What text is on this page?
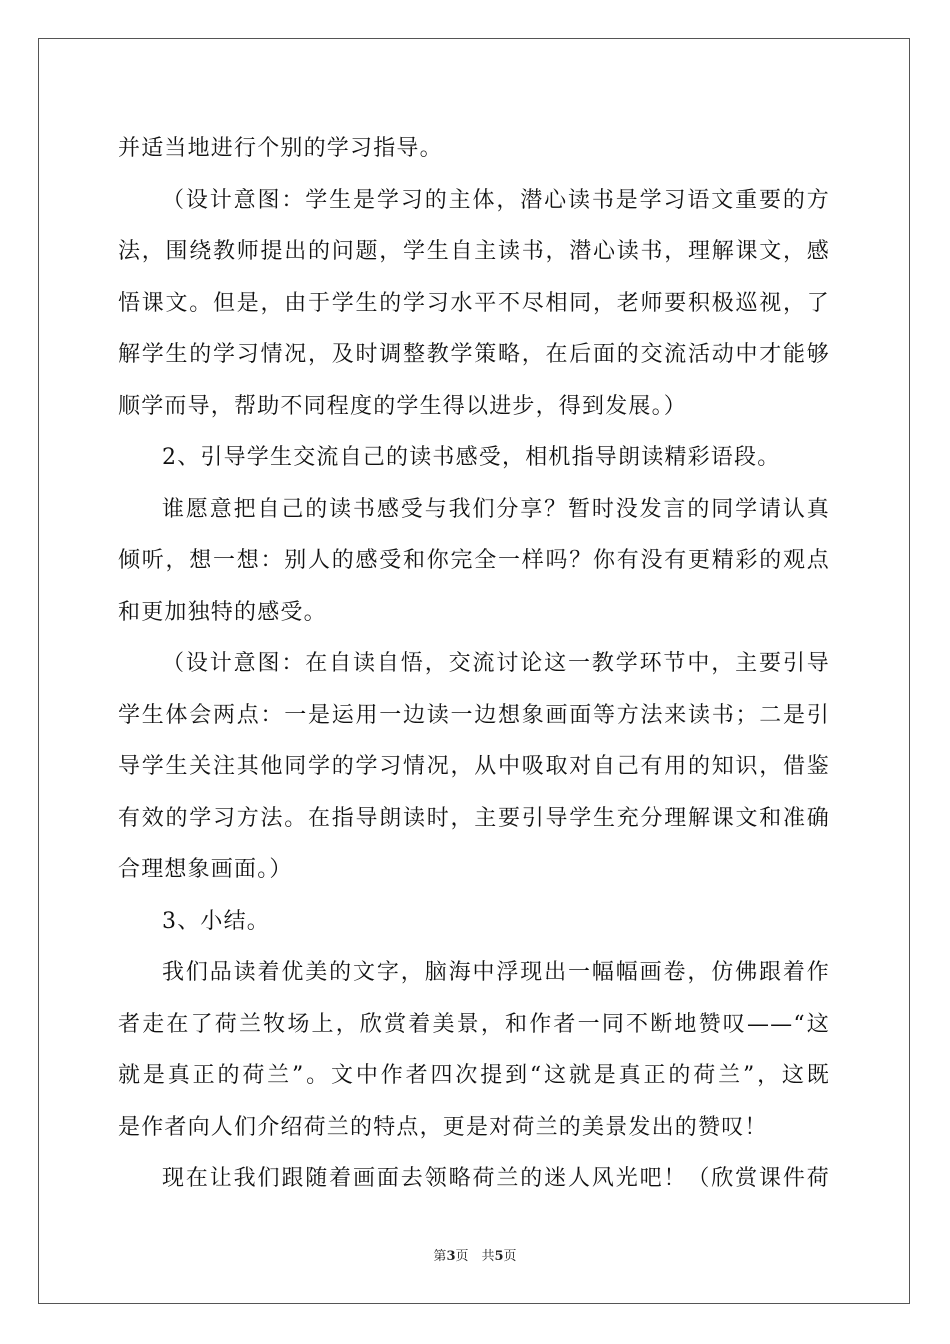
并适当地进行个别的学习指导。
（设计意图：学生是学习的主体，潜心读书是学习语文重要的方
法，围绕教师提出的问题，学生自主读书，潜心读书，理解课文，感
悟课文。但是，由于学生的学习水平不尽相同，老师要积极巡视，了
解学生的学习情况，及时调整教学策略，在后面的交流活动中才能够
顺学而导，帮助不同程度的学生得以进步，得到发展。）
2、引导学生交流自己的读书感受，相机指导朗读精彩语段。
谁愿意把自己的读书感受与我们分享？暂时没发言的同学请认真
倾听，想一想：别人的感受和你完全一样吗？你有没有更精彩的观点
和更加独特的感受。
（设计意图：在自读自悟，交流讨论这一教学环节中，主要引导
学生体会两点：一是运用一边读一边想象画面等方法来读书；二是引
导学生关注其他同学的学习情况，从中吸取对自己有用的知识，借鉴
有效的学习方法。在指导朗读时，主要引导学生充分理解课文和准确
合理想象画面。）
3、小结。
我们品读着优美的文字，脑海中浮现出一幅幅画卷，仿佛跟着作
者走在了荷兰牧场上，欣赏着美景，和作者一同不断地赞叹——“这
就是真正的荷兰”。文中作者四次提到“这就是真正的荷兰”，这既
是作者向人们介绍荷兰的特点，更是对荷兰的美景发出的赞叹！
现在让我们跟随着画面去领略荷兰的迷人风光吧！（欣赏课件荷
第3页　共5页
